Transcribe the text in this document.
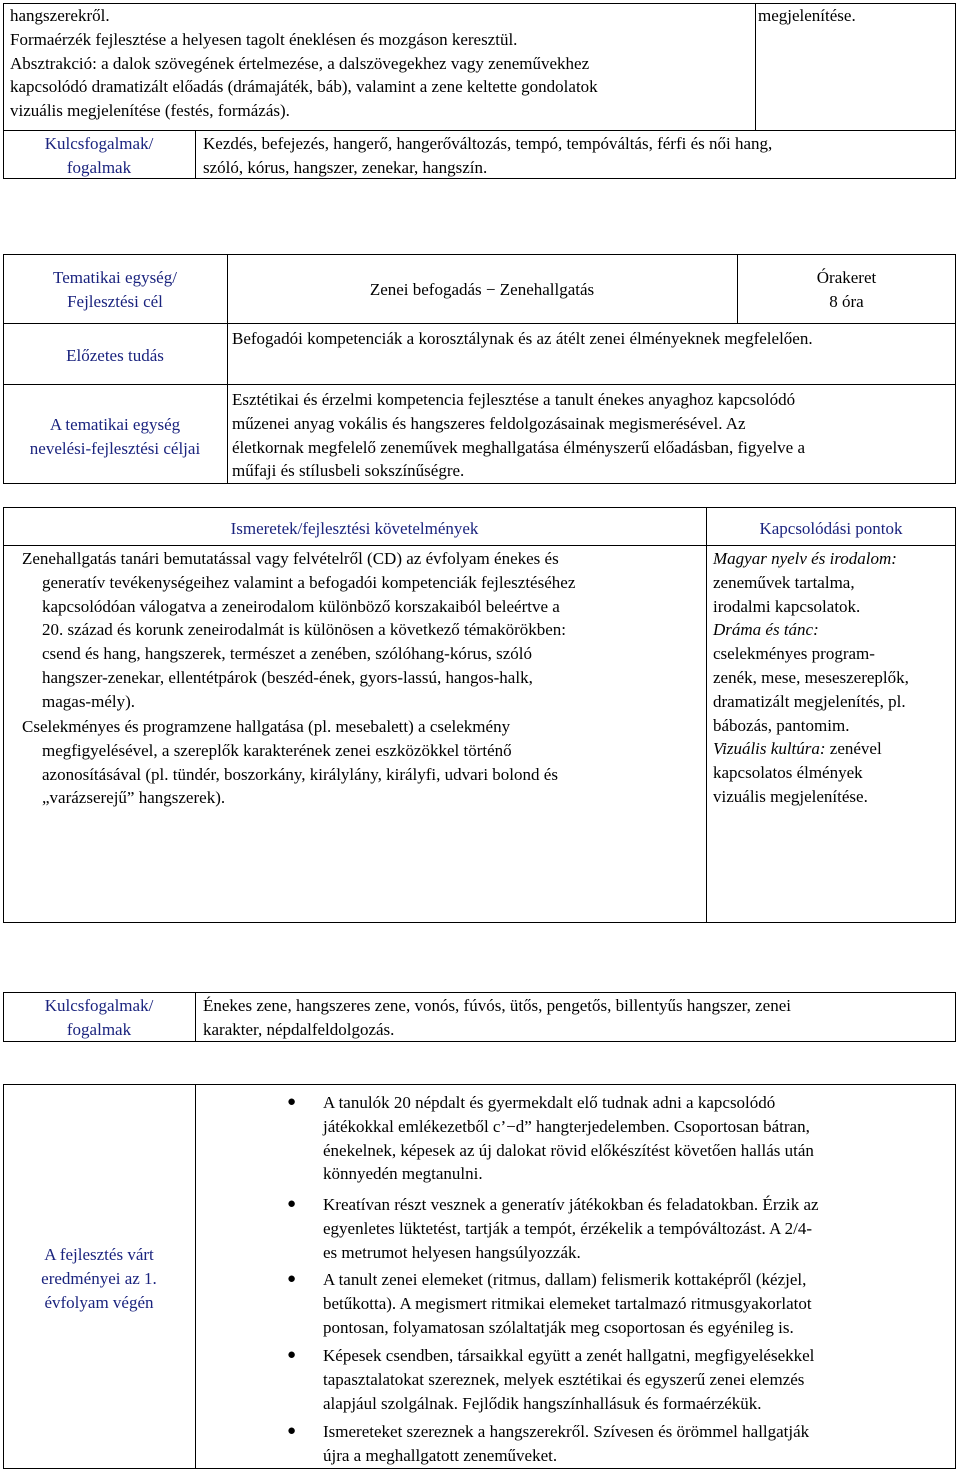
hangszerekről.
Formaérzék fejlesztése a helyesen tagolt éneklésen és mozgáson keresztül.
Absztrakció: a dalok szövegének értelmezése, a dalszövegekhez vagy zeneművekhez
kapcsolódó dramatizált előadás (drámajáték, báb), valamint a zene keltette gondolatok
vizuális megjelenítése (festés, formázás).
megjelenítése.
Kulcsfogalmak/
fogalmak
Kezdés, befejezés, hangerő, hangerőváltozás, tempó, tempóváltás, férfi és női hang,
szóló, kórus, hangszer, zenekar, hangszín.
Tematikai egység/
Fejlesztési cél
Zenei befogadás − Zenehallgatás
Órakeret
8 óra
Előzetes tudás
Befogadói kompetenciák a korosztálynak és az átélt zenei élményeknek megfelelően.
A tematikai egység
nevelési-fejlesztési céljai
Esztétikai és érzelmi kompetencia fejlesztése a tanult énekes anyaghoz kapcsolódó
műzenei anyag vokális és hangszeres feldolgozásainak megismerésével. Az
életkornak megfelelő zeneművek meghallgatása élményszerű előadásban, figyelve a
műfaji és stílusbeli sokszínűségre.
Ismeretek/fejlesztési követelmények	Kapcsolódási pontok
Zenehallgatás tanári bemutatással vagy felvételről (CD) az évfolyam énekes és
generatív tevékenységeihez valamint a befogadói kompetenciák fejlesztéséhez
kapcsolódóan válogatva a zeneirodalom különböző korszakaiból beleértve a
20. század és korunk zeneirodalmát is különösen a következő témakörökben:
csend és hang, hangszerek, természet a zenében, szólóhang-kórus, szóló
hangszer-zenekar, ellentétpárok (beszéd-ének, gyors-lassú, hangos-halk,
magas-mély).
Cselekményes és programzene hallgatása (pl. mesebalett) a cselekmény
megfigyelésével, a szereplők karakterének zenei eszközökkel történő
azonosításával (pl. tündér, boszorkány, királylány, királyfi, udvari bolond és
„varázserejű” hangszerek).
Magyar nyelv és irodalom:
zeneművek tartalma,
irodalmi kapcsolatok.
Dráma és tánc:
cselekményes program-
zenék, mese, meseszereplők,
dramatizált megjelenítés, pl.
bábozás, pantomim.
Vizuális kultúra: zenével
kapcsolatos élmények
vizuális megjelenítése.
Kulcsfogalmak/
fogalmak
Énekes zene, hangszeres zene, vonós, fúvós, ütős, pengetős, billentyűs hangszer, zenei
karakter, népdalfeldolgozás.
A fejlesztés várt
eredményei az 1.
évfolyam végén
● A tanulók 20 népdalt és gyermekdalt elő tudnak adni a kapcsolódó
játékokkal emlékezetből c’−d” hangterjedelemben. Csoportosan bátran,
énekelnek, képesek az új dalokat rövid előkészítést követően hallás után
könnyedén megtanulni.
● Kreatívan részt vesznek a generatív játékokban és feladatokban. Érzik az
egyenletes lüktetést, tartják a tempót, érzékelik a tempóváltozást. A 2/4-
es metrumot helyesen hangsúlyozzák.
● A tanult zenei elemeket (ritmus, dallam) felismerik kottaképről (kézjel,
betűkotta). A megismert ritmikai elemeket tartalmazó ritmusgyakorlatot
pontosan, folyamatosan szólaltatják meg csoportosan és egyénileg is.
● Képesek csendben, társaikkal együtt a zenét hallgatni, megfigyelésekkel
tapasztalatokat szereznek, melyek esztétikai és egyszerű zenei elemzés
alapjául szolgálnak. Fejlődik hangszínhallásuk és formaérzékük.
● Ismereteket szereznek a hangszerekről. Szívesen és örömmel hallgatják
újra a meghallgatott zeneműveket.
